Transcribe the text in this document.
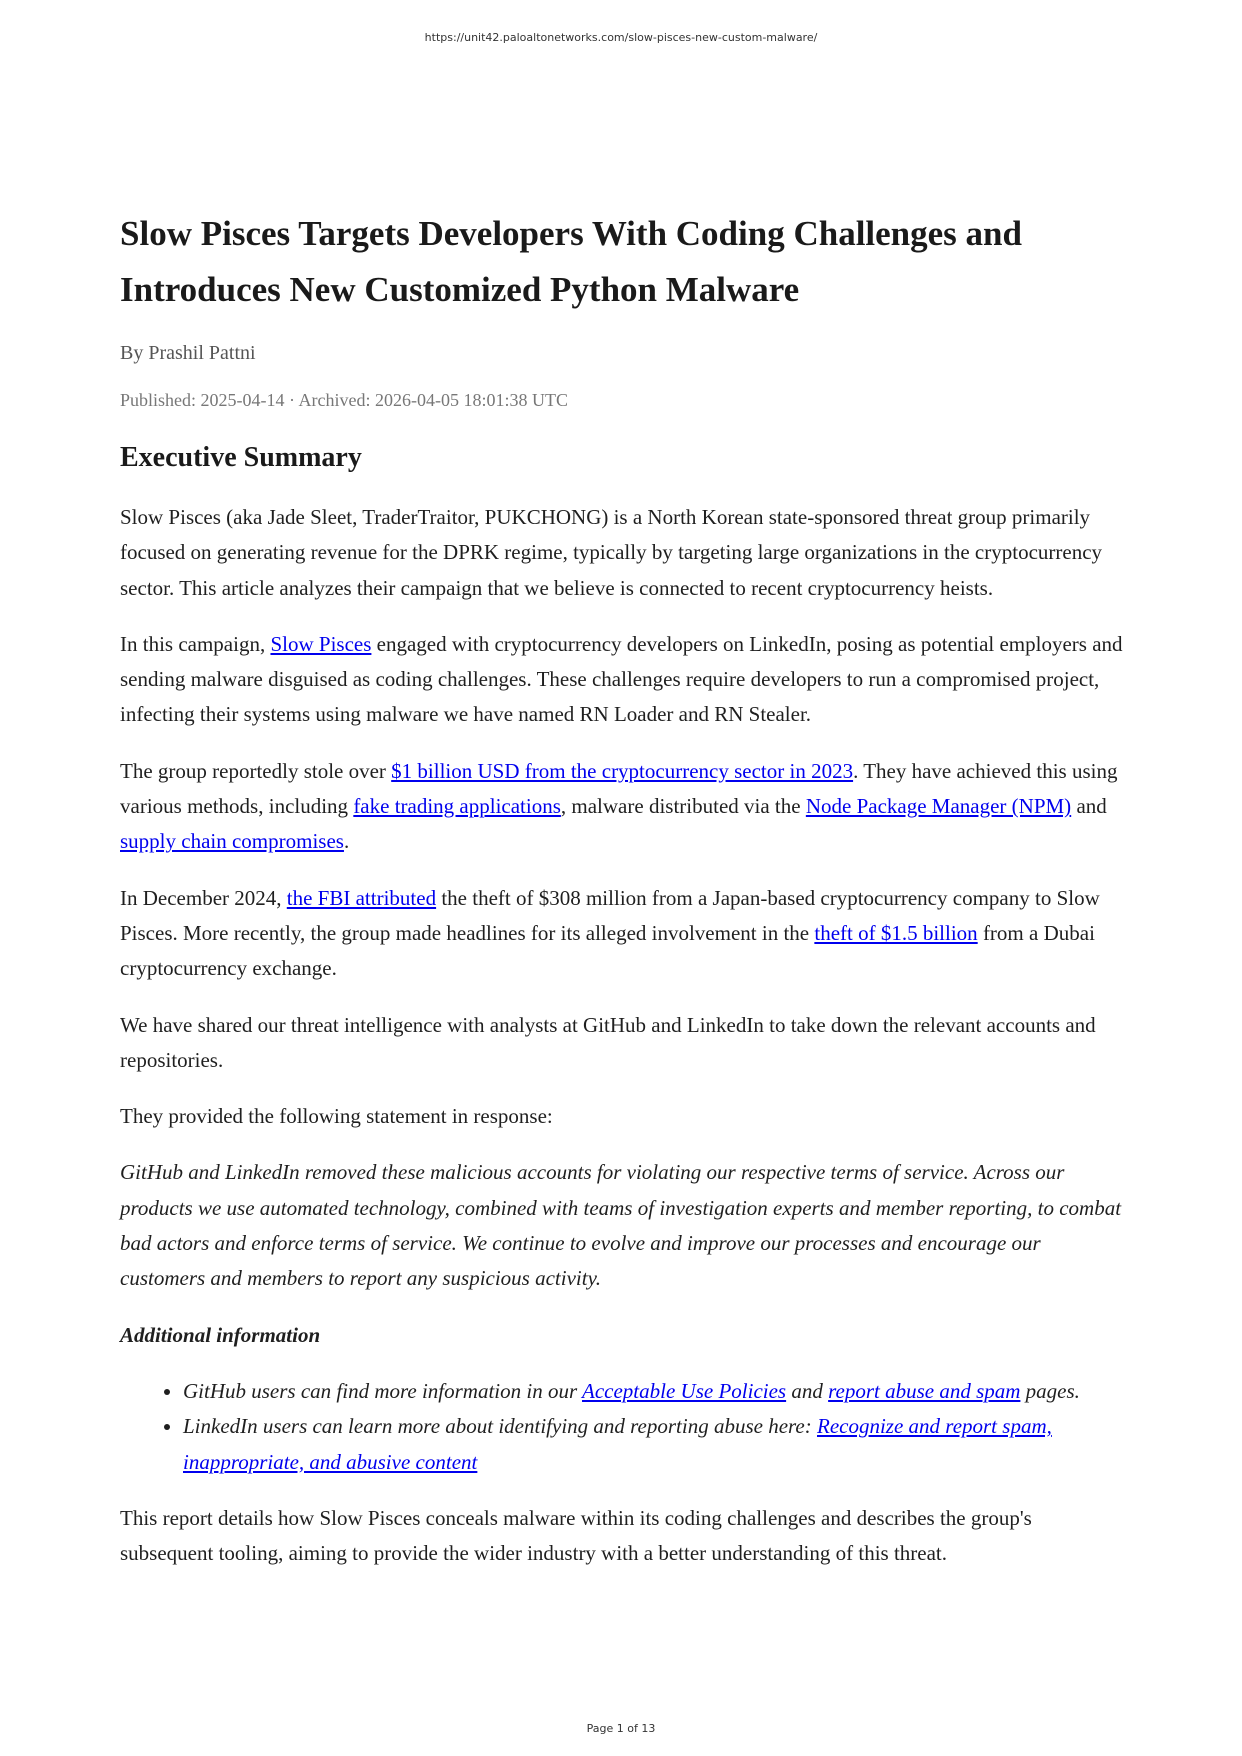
https://unit42.paloaltonetworks.com/slow-pisces-new-custom-malware/
Slow Pisces Targets Developers With Coding Challenges and Introduces New Customized Python Malware
By Prashil Pattni
Published: 2025-04-14 · Archived: 2026-04-05 18:01:38 UTC
Executive Summary

Slow Pisces (aka Jade Sleet, TraderTraitor, PUKCHONG) is a North Korean state-sponsored threat group primarily focused on generating revenue for the DPRK regime, typically by targeting large organizations in the cryptocurrency sector. This article analyzes their campaign that we believe is connected to recent cryptocurrency heists.

In this campaign, Slow Pisces engaged with cryptocurrency developers on LinkedIn, posing as potential employers and sending malware disguised as coding challenges. These challenges require developers to run a compromised project, infecting their systems using malware we have named RN Loader and RN Stealer.

The group reportedly stole over $1 billion USD from the cryptocurrency sector in 2023. They have achieved this using various methods, including fake trading applications, malware distributed via the Node Package Manager (NPM) and supply chain compromises.

In December 2024, the FBI attributed the theft of $308 million from a Japan-based cryptocurrency company to Slow Pisces. More recently, the group made headlines for its alleged involvement in the theft of $1.5 billion from a Dubai cryptocurrency exchange.

We have shared our threat intelligence with analysts at GitHub and LinkedIn to take down the relevant accounts and repositories.

They provided the following statement in response:

GitHub and LinkedIn removed these malicious accounts for violating our respective terms of service. Across our products we use automated technology, combined with teams of investigation experts and member reporting, to combat bad actors and enforce terms of service. We continue to evolve and improve our processes and encourage our customers and members to report any suspicious activity.

Additional information

• GitHub users can find more information in our Acceptable Use Policies and report abuse and spam pages.
• LinkedIn users can learn more about identifying and reporting abuse here: Recognize and report spam, inappropriate, and abusive content

This report details how Slow Pisces conceals malware within its coding challenges and describes the group's subsequent tooling, aiming to provide the wider industry with a better understanding of this threat.

Page 1 of 13
